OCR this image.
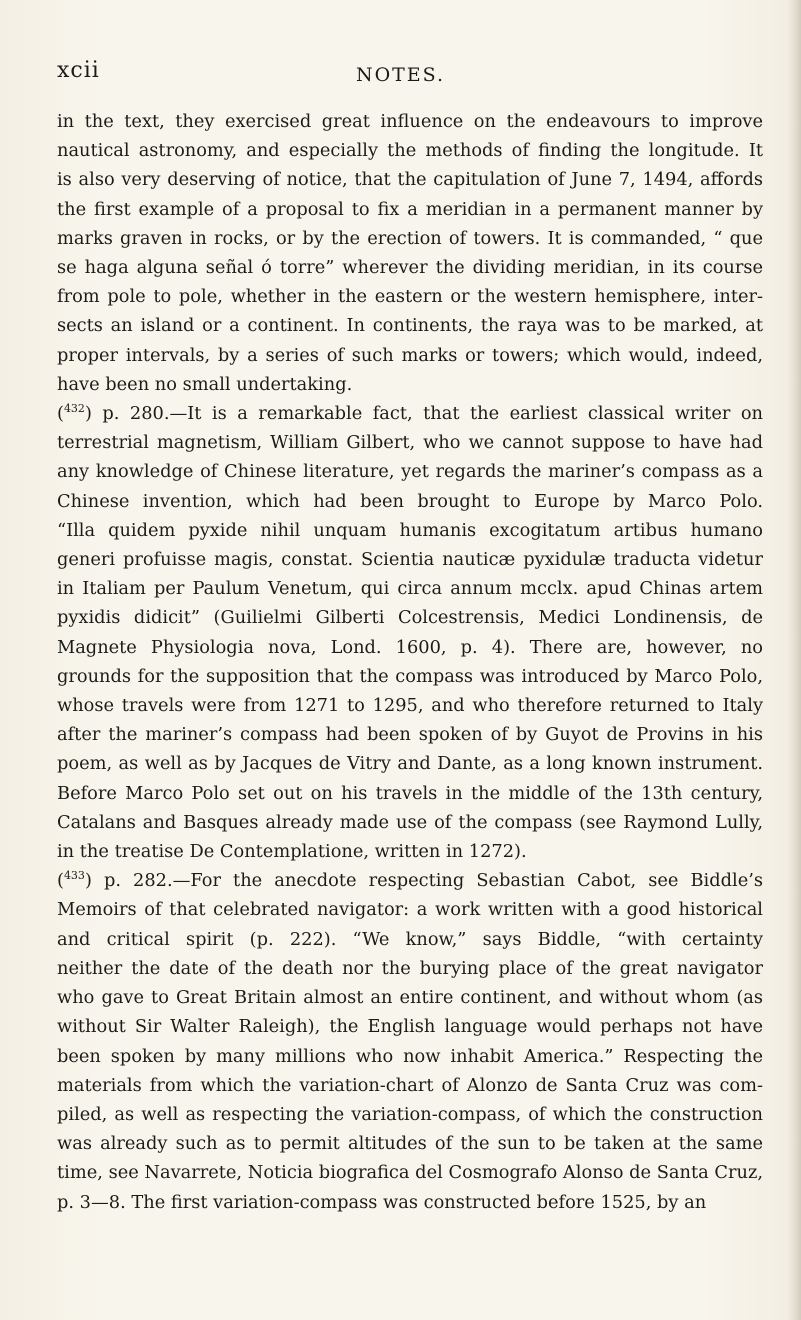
xcii	NOTES.
in the text, they exercised great influence on the endeavours to improve
nautical astronomy, and especially the methods of finding the longitude. It
is also very deserving of notice, that the capitulation of June 7, 1494, affords
the first example of a proposal to fix a meridian in a permanent manner by
marks graven in rocks, or by the erection of towers. It is commanded, “ que
se haga alguna señal ó torre” wherever the dividing meridian, in its course
from pole to pole, whether in the eastern or the western hemisphere, inter-
sects an island or a continent. In continents, the raya was to be marked, at
proper intervals, by a series of such marks or towers; which would, indeed,
have been no small undertaking.
($^{432}$) p. 280.—It is a remarkable fact, that the earliest classical writer on
terrestrial magnetism, William Gilbert, who we cannot suppose to have had
any knowledge of Chinese literature, yet regards the mariner’s compass as a
Chinese invention, which had been brought to Europe by Marco Polo.
“Illa quidem pyxide nihil unquam humanis excogitatum artibus humano
generi profuisse magis, constat. Scientia nauticæ pyxidulæ traducta videtur
in Italiam per Paulum Venetum, qui circa annum mcclx. apud Chinas artem
pyxidis didicit” (Guilielmi Gilberti Colcestrensis, Medici Londinensis, de
Magnete Physiologia nova, Lond. 1600, p. 4). There are, however, no
grounds for the supposition that the compass was introduced by Marco Polo,
whose travels were from 1271 to 1295, and who therefore returned to Italy
after the mariner’s compass had been spoken of by Guyot de Provins in his
poem, as well as by Jacques de Vitry and Dante, as a long known instrument.
Before Marco Polo set out on his travels in the middle of the 13th century,
Catalans and Basques already made use of the compass (see Raymond Lully,
in the treatise De Contemplatione, written in 1272).
($^{433}$) p. 282.—For the anecdote respecting Sebastian Cabot, see Biddle’s
Memoirs of that celebrated navigator: a work written with a good historical
and critical spirit (p. 222). “We know,” says Biddle, “with certainty
neither the date of the death nor the burying place of the great navigator
who gave to Great Britain almost an entire continent, and without whom (as
without Sir Walter Raleigh), the English language would perhaps not have
been spoken by many millions who now inhabit America.” Respecting the
materials from which the variation-chart of Alonzo de Santa Cruz was com-
piled, as well as respecting the variation-compass, of which the construction
was already such as to permit altitudes of the sun to be taken at the same
time, see Navarrete, Noticia biografica del Cosmografo Alonso de Santa Cruz,
p. 3—8. The first variation-compass was constructed before 1525, by an
